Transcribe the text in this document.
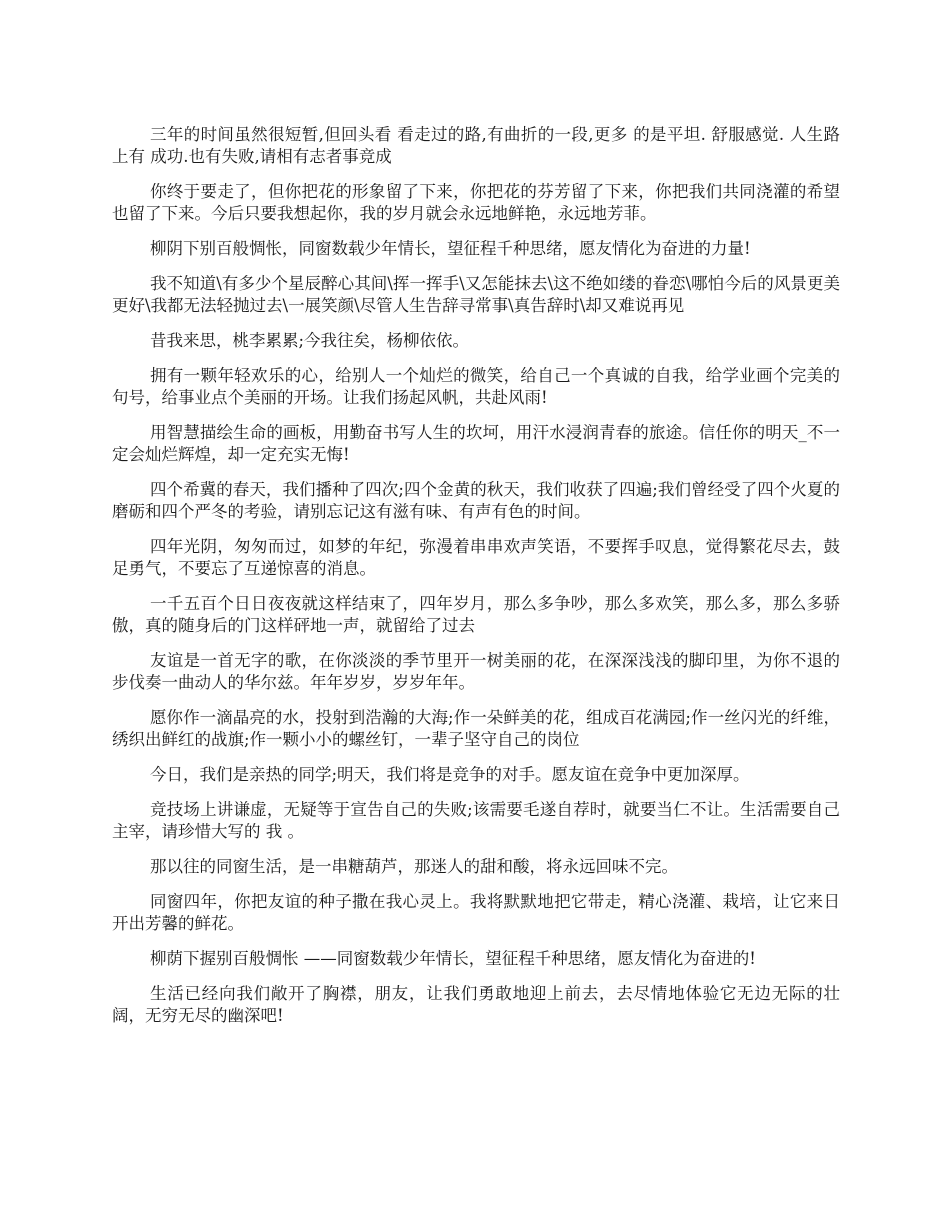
三年的时间虽然很短暂,但回头看 看走过的路,有曲折的一段,更多 的是平坦. 舒服感觉. 人生路上有 成功.也有失败,请相有志者事竞成

你终于要走了，但你把花的形象留了下来，你把花的芬芳留了下来，你把我们共同浇灌的希望也留了下来。今后只要我想起你，我的岁月就会永远地鲜艳，永远地芳菲。

柳阴下别百般惆怅，同窗数载少年情长，望征程千种思绪，愿友情化为奋进的力量!

我不知道\有多少个星辰醉心其间\挥一挥手\又怎能抹去\这不绝如缕的眷恋\哪怕今后的风景更美更好\我都无法轻抛过去\一展笑颜\尽管人生告辞寻常事\真告辞时\却又难说再见

昔我来思，桃李累累;今我往矣，杨柳依依。

拥有一颗年轻欢乐的心，给别人一个灿烂的微笑，给自己一个真诚的自我，给学业画个完美的句号，给事业点个美丽的开场。让我们扬起风帆，共赴风雨!

用智慧描绘生命的画板，用勤奋书写人生的坎坷，用汗水浸润青春的旅途。信任你的明天_不一定会灿烂辉煌，却一定充实无悔!

四个希冀的春天，我们播种了四次;四个金黄的秋天，我们收获了四遍;我们曾经受了四个火夏的磨砺和四个严冬的考验，请别忘记这有滋有味、有声有色的时间。

四年光阴，匆匆而过，如梦的年纪，弥漫着串串欢声笑语，不要挥手叹息，觉得繁花尽去，鼓足勇气，不要忘了互递惊喜的消息。

一千五百个日日夜夜就这样结束了，四年岁月，那么多争吵，那么多欢笑，那么多，那么多骄傲，真的随身后的门这样砰地一声，就留给了过去

友谊是一首无字的歌，在你淡淡的季节里开一树美丽的花，在深深浅浅的脚印里，为你不退的步伐奏一曲动人的华尔兹。年年岁岁，岁岁年年。

愿你作一滴晶亮的水，投射到浩瀚的大海;作一朵鲜美的花，组成百花满园;作一丝闪光的纤维，绣织出鲜红的战旗;作一颗小小的螺丝钉，一辈子坚守自己的岗位

今日，我们是亲热的同学;明天，我们将是竞争的对手。愿友谊在竞争中更加深厚。

竞技场上讲谦虚，无疑等于宣告自己的失败;该需要毛遂自荐时，就要当仁不让。生活需要自己主宰，请珍惜大写的 我 。

那以往的同窗生活，是一串糖葫芦，那迷人的甜和酸，将永远回味不完。

同窗四年，你把友谊的种子撒在我心灵上。我将默默地把它带走，精心浇灌、栽培，让它来日开出芳馨的鲜花。

柳荫下握别百般惆怅 ——同窗数载少年情长，望征程千种思绪，愿友情化为奋进的!

生活已经向我们敞开了胸襟，朋友，让我们勇敢地迎上前去，去尽情地体验它无边无际的壮阔，无穷无尽的幽深吧!
